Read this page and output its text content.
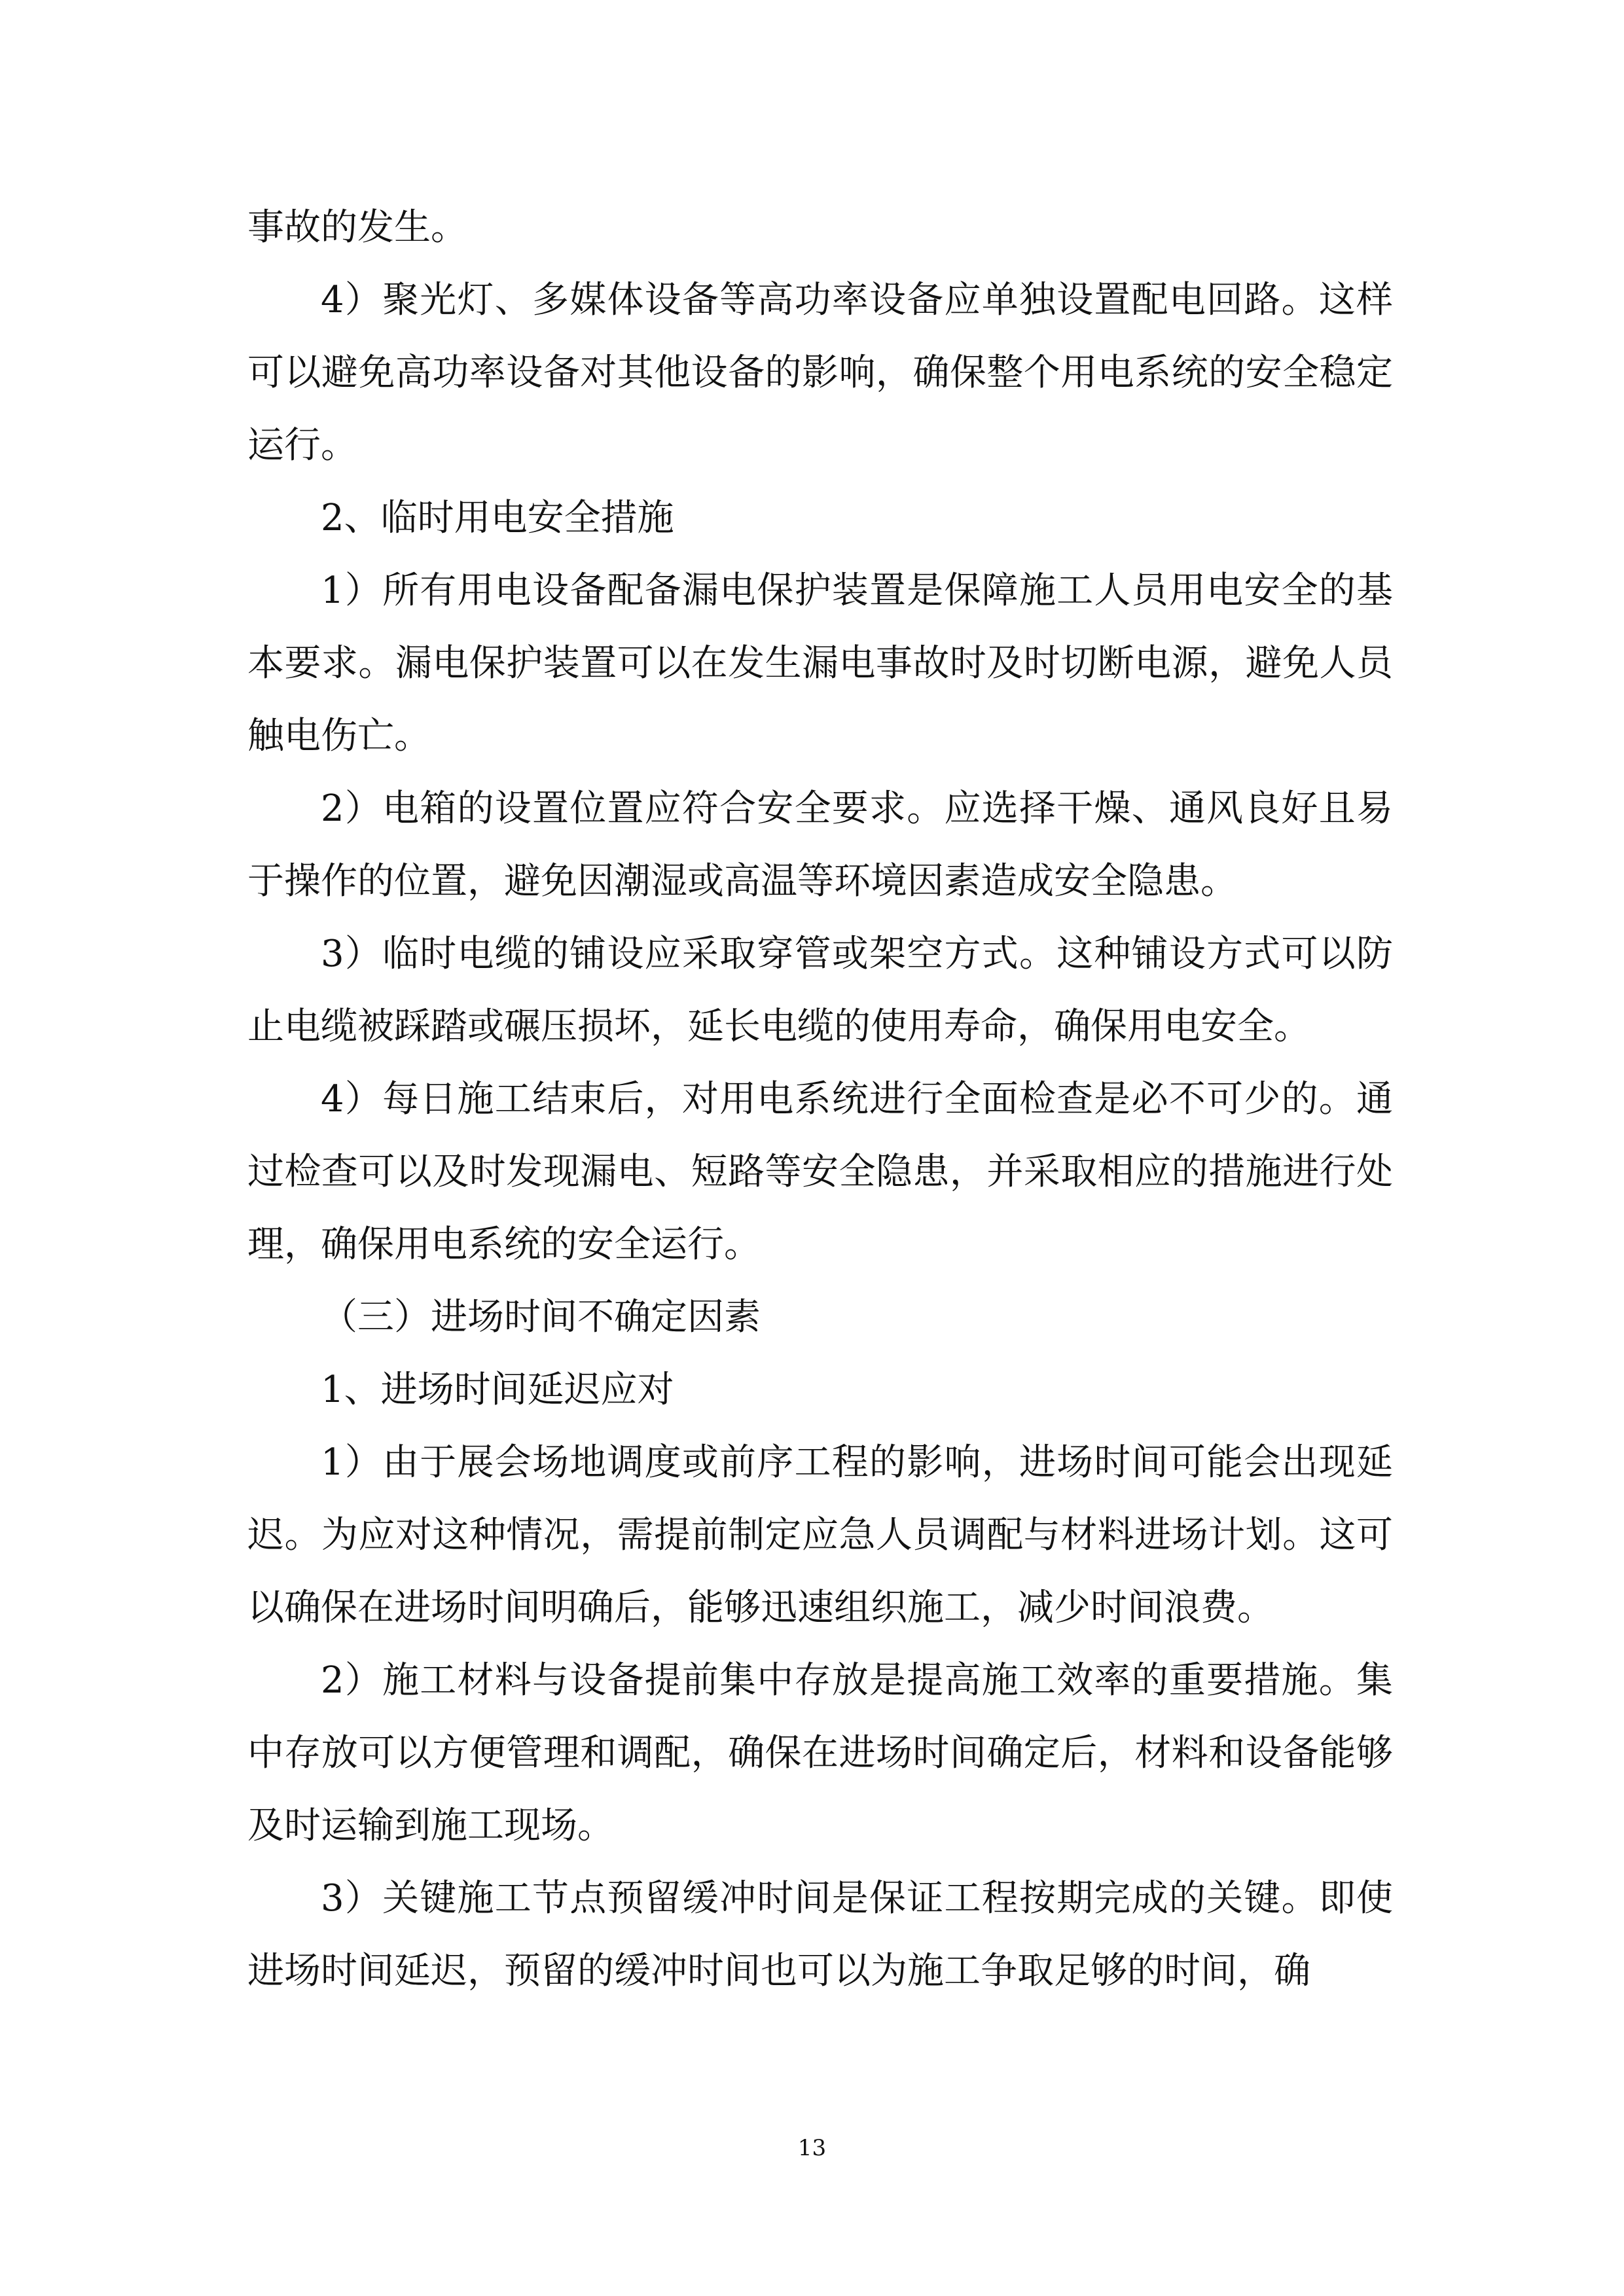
事故的发生。

4）聚光灯、多媒体设备等高功率设备应单独设置配电回路。这样可以避免高功率设备对其他设备的影响，确保整个用电系统的安全稳定运行。

2、临时用电安全措施

1）所有用电设备配备漏电保护装置是保障施工人员用电安全的基本要求。漏电保护装置可以在发生漏电事故时及时切断电源，避免人员触电伤亡。

2）电箱的设置位置应符合安全要求。应选择干燥、通风良好且易于操作的位置，避免因潮湿或高温等环境因素造成安全隐患。

3）临时电缆的铺设应采取穿管或架空方式。这种铺设方式可以防止电缆被踩踏或碾压损坏，延长电缆的使用寿命，确保用电安全。

4）每日施工结束后，对用电系统进行全面检查是必不可少的。通过检查可以及时发现漏电、短路等安全隐患，并采取相应的措施进行处理，确保用电系统的安全运行。

（三）进场时间不确定因素

1、进场时间延迟应对

1）由于展会场地调度或前序工程的影响，进场时间可能会出现延迟。为应对这种情况，需提前制定应急人员调配与材料进场计划。这可以确保在进场时间明确后，能够迅速组织施工，减少时间浪费。

2）施工材料与设备提前集中存放是提高施工效率的重要措施。集中存放可以方便管理和调配，确保在进场时间确定后，材料和设备能够及时运输到施工现场。

3）关键施工节点预留缓冲时间是保证工程按期完成的关键。即使进场时间延迟，预留的缓冲时间也可以为施工争取足够的时间，确

13
